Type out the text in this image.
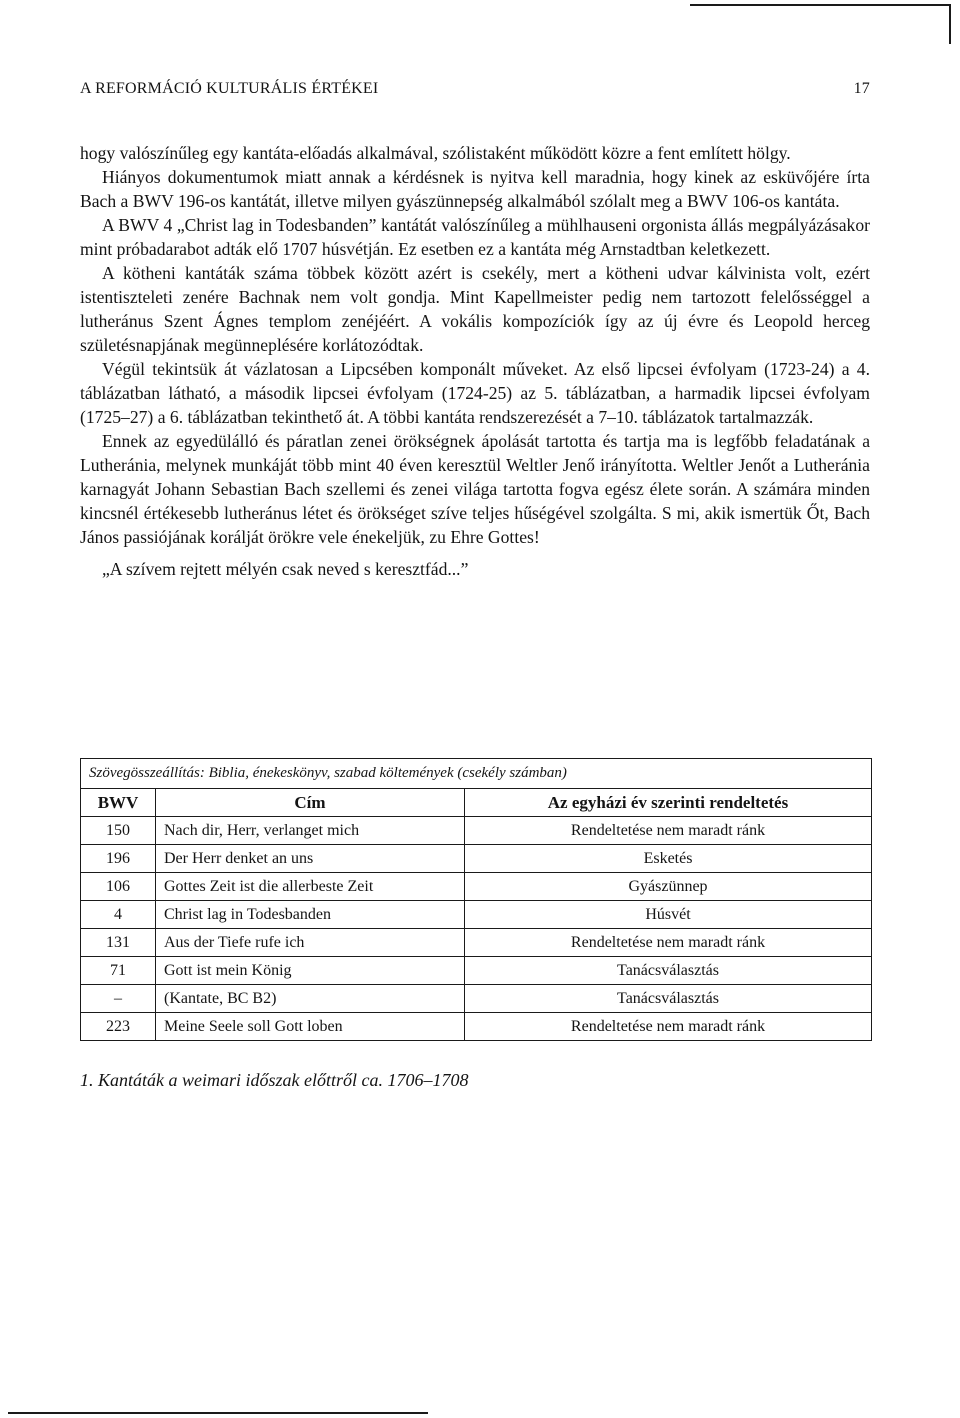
A REFORMÁCIÓ KULTURÁLIS ÉRTÉKEI	17

hogy valószínűleg egy kantáta-előadás alkalmával, szólistaként működött közre a fent említett hölgy.

Hiányos dokumentumok miatt annak a kérdésnek is nyitva kell maradnia, hogy kinek az esküvőjére írta Bach a BWV 196-os kantátát, illetve milyen gyászünnepség alkalmából szólalt meg a BWV 106-os kantáta.

A BWV 4 „Christ lag in Todesbanden” kantátát valószínűleg a mühlhauseni orgonista állás megpályázásakor mint próbadarabot adták elő 1707 húsvétján. Ez esetben ez a kantáta még Arnstadtban keletkezett.

A kötheni kantáták száma többek között azért is csekély, mert a kötheni udvar kálvinista volt, ezért istentiszteleti zenére Bachnak nem volt gondja. Mint Kapellmeister pedig nem tartozott felelősséggel a lutheránus Szent Ágnes templom zenéjéért. A vokális kompozíciók így az új évre és Leopold herceg születésnapjának megünneplésére korlátozódtak.

Végül tekintsük át vázlatosan a Lipcsében komponált műveket. Az első lipcsei évfolyam (1723-24) a 4. táblázatban látható, a második lipcsei évfolyam (1724-25) az 5. táblázatban, a harmadik lipcsei évfolyam (1725–27) a 6. táblázatban tekinthető át. A többi kantáta rendszerezését a 7–10. táblázatok tartalmazzák.

Ennek az egyedülálló és páratlan zenei örökségnek ápolását tartotta és tartja ma is legfőbb feladatának a Lutheránia, melynek munkáját több mint 40 éven keresztül Weltler Jenő irányította. Weltler Jenőt a Lutheránia karnagyát Johann Sebastian Bach szellemi és zenei világa tartotta fogva egész élete során. A számára minden kincsnél értékesebb lutheránus létet és örökséget szíve teljes hűségével szolgálta. S mi, akik ismertük Őt, Bach János passiójának korálját örökre vele énekeljük, zu Ehre Gottes!

„A szívem rejtett mélyén csak neved s keresztfád...”

Szövegösszeállítás: Biblia, énekeskönyv, szabad költemények (csekély számban)		
BWV	Cím	Az egyházi év szerinti rendeltetés
150	Nach dir, Herr, verlanget mich	Rendeltetése nem maradt ránk
196	Der Herr denket an uns	Esketés
106	Gottes Zeit ist die allerbeste Zeit	Gyászünnep
4	Christ lag in Todesbanden	Húsvét
131	Aus der Tiefe rufe ich	Rendeltetése nem maradt ránk
71	Gott ist mein König	Tanácsválasztás
–	(Kantate, BC B2)	Tanácsválasztás
223	Meine Seele soll Gott loben	Rendeltetése nem maradt ránk
1. Kantáták a weimari időszak előttről ca. 1706–1708
